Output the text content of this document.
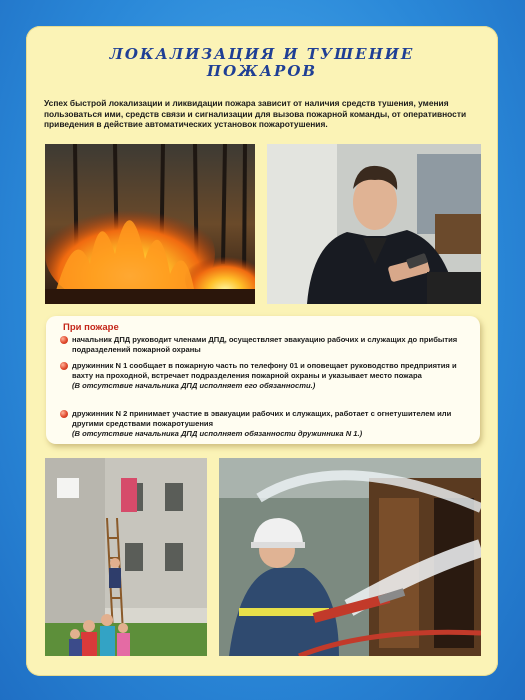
ЛОКАЛИЗАЦИЯ И ТУШЕНИЕ
ПОЖАРОВ
Успех быстрой локализации и ликвидации пожара зависит от наличия средств тушения, умения пользоваться ими, средств связи и сигнализации для вызова пожарной команды, от оперативности приведения в действие автоматических установок пожаротушения.
При пожаре
начальник ДПД руководит членами ДПД, осуществляет эвакуацию рабочих и служащих до прибытия подразделений пожарной охраны
дружинник N 1 сообщает в пожарную часть по телефону 01 и оповещает руководство предприятия и вахту на проходной, встречает подразделения пожарной охраны и указывает место пожара
(В отсутствие начальника ДПД исполняет его обязанности.)
дружинник N 2 принимает участие в эвакуации рабочих и служащих, работает с огнетушителем или другими средствами пожаротушения
(В отсутствие начальника ДПД исполняет обязанности дружинника N 1.)
